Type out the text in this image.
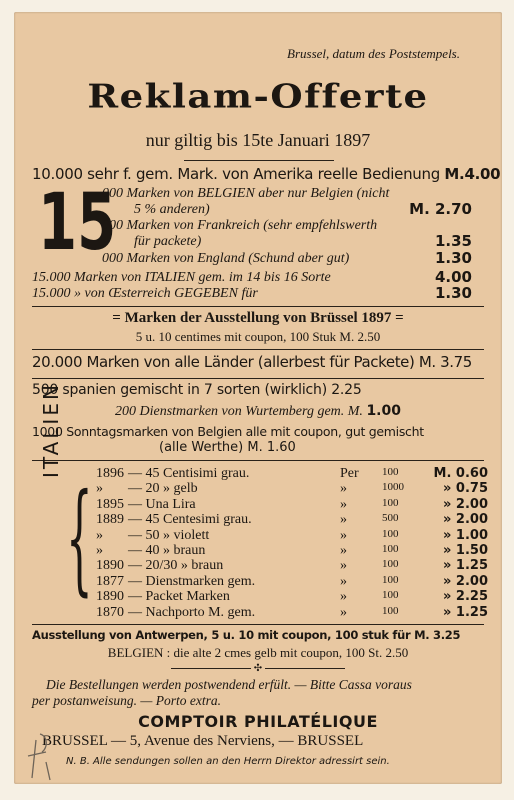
Brussel, datum des Poststempels.
Reklam-Offerte
nur giltig bis 15te Januari 1897
10.000 sehr f. gem. Mark. von Amerika reelle Bedienung M.4.00
15
000 Marken von BELGIEN aber nur Belgien (nicht
5 % anderen)	M. 2.70
000 Marken von Frankreich (sehr empfehlswerth
für packete)	1.35
000 Marken von England (Schund aber gut)	1.30
15.000 Marken von ITALIEN gem. im 14 bis 16 Sorte	4.00
15.000 » von Œsterreich GEGEBEN für	1.30
= Marken der Ausstellung von Brüssel 1897 =
5 u. 10 centimes mit coupon, 100 Stuk M. 2.50
20.000 Marken von alle Länder (allerbest für Packete) M. 3.75
500 spanien gemischt in 7 sorten (wirklich) 2.25
200 Dienstmarken von Wurtemberg gem. M. 1.00
1000 Sonntagsmarken von Belgien alle mit coupon, gut gemischt
(alle Werthe) M. 1.60
ITALIEN
{ 1896 — 45 Centisimi grau.	Per 100	M. 0.60
» — 20 » gelb	»	1000	» 0.75
1895 — Una Lira	»	100	» 2.00
1889 — 45 Centesimi grau.	»	500	» 2.00
» — 50 » violett	»	100	» 1.00
» — 40 » braun	»	100	» 1.50
1890 — 20/30 » braun	»	100	» 1.25
1877 — Dienstmarken gem.	»	100	» 2.00
1890 — Packet Marken	»	100	» 2.25
1870 — Nachporto M. gem.	»	100	» 1.25
Ausstellung von Antwerpen, 5 u. 10 mit coupon, 100 stuk für M. 3.25
BELGIEN : die alte 2 cmes gelb mit coupon, 100 St. 2.50
✣
Die Bestellungen werden postwendend erfült. — Bitte Cassa voraus
per postanweisung. — Porto extra.
COMPTOIR PHILATÉLIQUE
BRUSSEL — 5, Avenue des Nerviens, — BRUSSEL
N. B. Alle sendungen sollen an den Herrn Direktor adressirt sein.
